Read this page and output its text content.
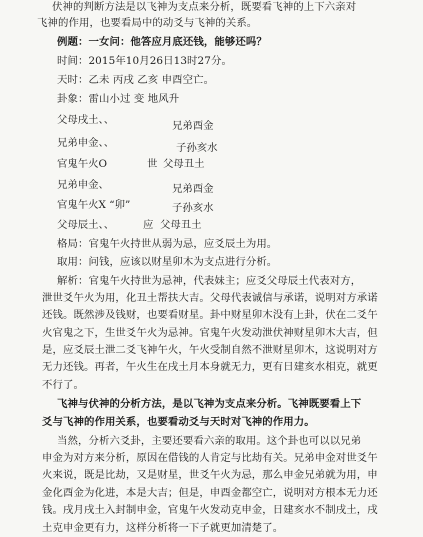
伏神的判断方法是以飞神为支点来分析，既要看飞神的上下六亲对
飞神的作用，也要看局中的动爻与飞神的关系。
例题：一女问：他答应月底还钱，能够还吗？
时间：2015年10月26日13时27分。
天时：乙未 丙戌 乙亥 申酉空亡。
卦象：雷山小过 变 地风升
父母戌土、、	兄弟酉金
兄弟申金、、	子孙亥水
官鬼午火O	世 父母丑土
兄弟申金、	兄弟酉金
官鬼午火X “卯”	子孙亥水
父母辰土、、	应 父母丑土
格局：官鬼午火持世从弱为忌，应爻辰土为用。
取用：问钱，应该以财星卯木为支点进行分析。
解析：官鬼午火持世为忌神，代表妹主；应爻父母辰土代表对方，
泄世爻午火为用，化丑土帮扶大吉。父母代表诚信与承诺，说明对方承诺
还钱。既然涉及钱财，也要看财星。卦中财星卯木没有上卦，伏在二爻午
火官鬼之下，生世爻午火为忌神。官鬼午火发动泄伏神财星卯木大吉，但
是，应爻辰土泄二爻飞神午火，午火受制自然不泄财星卯木，这说明对方
无力还钱。再者，午火生在戌土月本身就无力，更有日建亥水相克，就更
不行了。
飞神与伏神的分析方法，是以飞神为支点来分析。飞神既要看上下
爻与飞神的作用关系，也要看动爻与天时对飞神的作用力。
当然，分析六爻卦，主要还要看六亲的取用。这个卦也可以以兄弟
申金为对方来分析，原因在借钱的人肯定与比劫有关。兄弟申金对世爻午
火来说，既是比劫，又是财星，世爻午火为忌，那么申金兄弟就为用，申
金化酉金为化进，本是大吉；但是，申酉金都空亡，说明对方根本无力还
钱。戌月戌土入封制申金，官鬼午火发动克申金，日建亥水不制戌土，戌
土克申金更有力，这样分析将一下子就更加清楚了。
